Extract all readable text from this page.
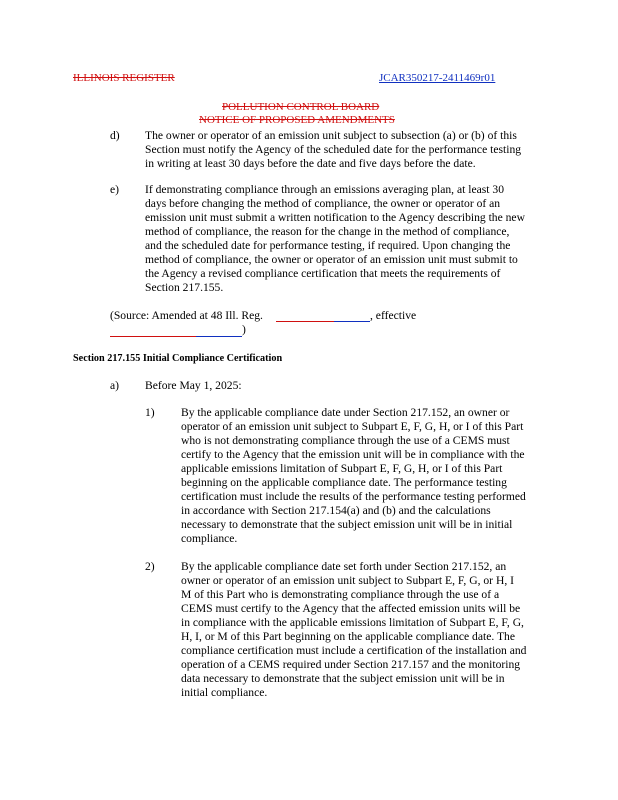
ILLINOIS REGISTER	JCAR350217-2411469r01
POLLUTION CONTROL BOARD
NOTICE OF PROPOSED AMENDMENTS
d) The owner or operator of an emission unit subject to subsection (a) or (b) of this

Section must notify the Agency of the scheduled date for the performance testing

in writing at least 30 days before the date and five days before the date.

e) If demonstrating compliance through an emissions averaging plan, at least 30

days before changing the method of compliance, the owner or operator of an

emission unit must submit a written notification to the Agency describing the new

method of compliance, the reason for the change in the method of compliance,

and the scheduled date for performance testing, if required. Upon changing the

method of compliance, the owner or operator of an emission unit must submit to

the Agency a revised compliance certification that meets the requirements of

Section 217.155.

(Source: Amended at 48 Ill. Reg.	, effective
)
Section 217.155 Initial Compliance Certification
a) Before May 1, 2025:
1) By the applicable compliance date under Section 217.152, an owner or

operator of an emission unit subject to Subpart E, F, G, H, or I of this Part

who is not demonstrating compliance through the use of a CEMS must

certify to the Agency that the emission unit will be in compliance with the

applicable emissions limitation of Subpart E, F, G, H, or I of this Part

beginning on the applicable compliance date. The performance testing

certification must include the results of the performance testing performed

in accordance with Section 217.154(a) and (b) and the calculations

necessary to demonstrate that the subject emission unit will be in initial

compliance.

2) By the applicable compliance date set forth under Section 217.152, an

owner or operator of an emission unit subject to Subpart E, F, G, or H, I

M of this Part who is demonstrating compliance through the use of a

CEMS must certify to the Agency that the affected emission units will be

in compliance with the applicable emissions limitation of Subpart E, F, G,

H, I, or M of this Part beginning on the applicable compliance date. The

compliance certification must include a certification of the installation and

operation of a CEMS required under Section 217.157 and the monitoring

data necessary to demonstrate that the subject emission unit will be in

initial compliance.
